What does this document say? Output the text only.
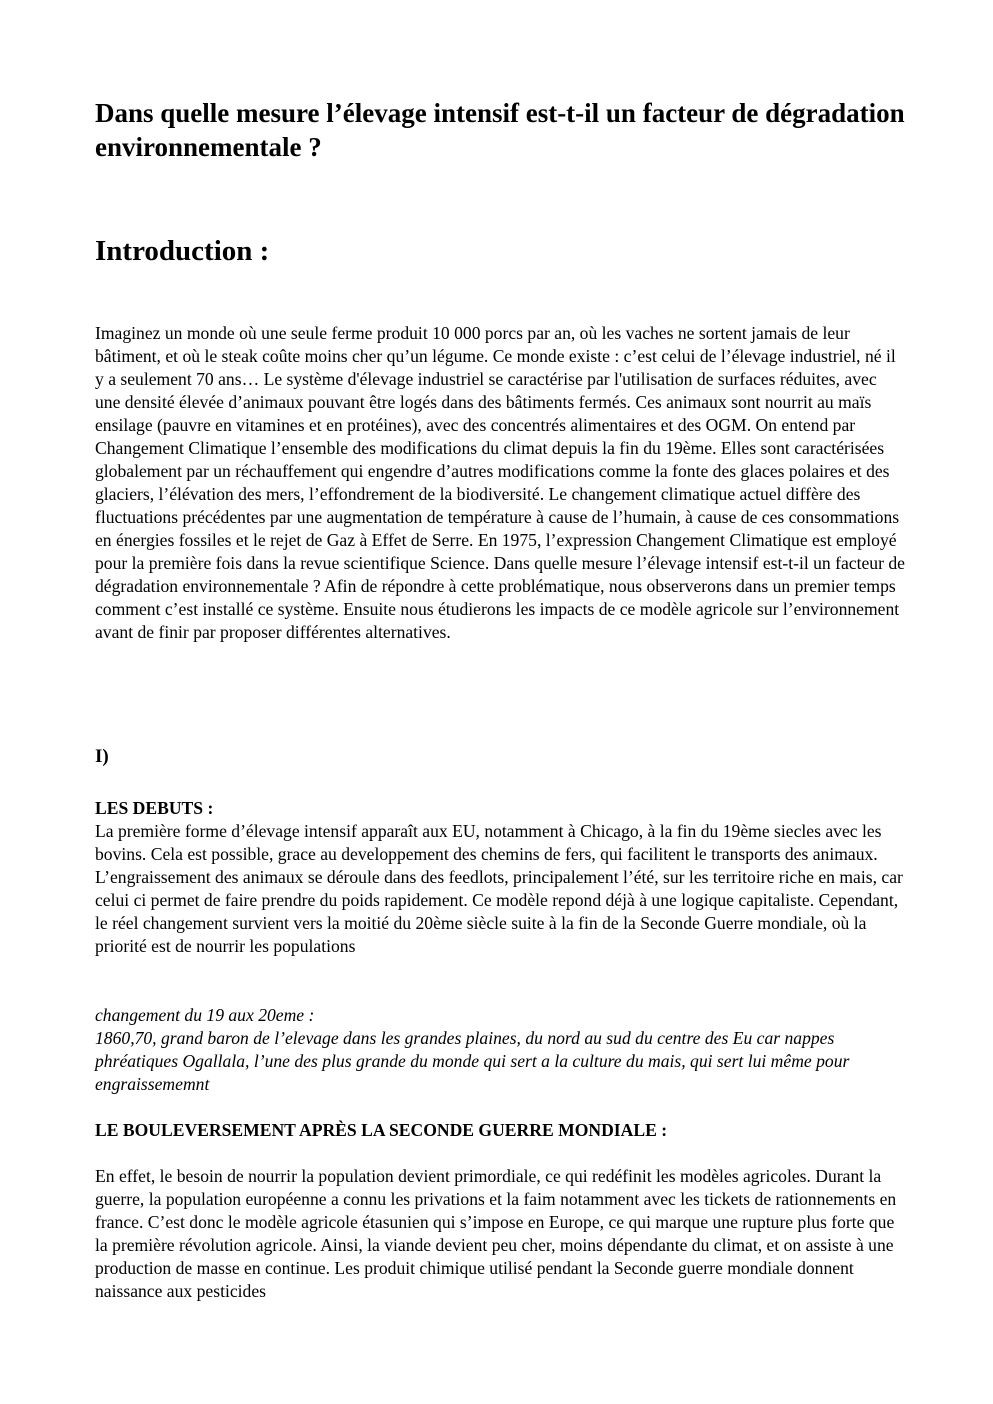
Dans quelle mesure l’élevage intensif est-t-il un facteur de dégradation environnementale ?
Introduction :

Imaginez un monde où une seule ferme produit 10 000 porcs par an, où les vaches ne sortent jamais de leur bâtiment, et où le steak coûte moins cher qu’un légume. Ce monde existe : c’est celui de l’élevage industriel, né il y a seulement 70 ans… Le système d'élevage industriel se caractérise par l'utilisation de surfaces réduites, avec une densité élevée d’animaux pouvant être logés dans des bâtiments fermés. Ces animaux sont nourrit au maïs ensilage (pauvre en vitamines et en protéines), avec des concentrés alimentaires et des OGM. On entend par Changement Climatique l’ensemble des modifications du climat depuis la fin du 19ème. Elles sont caractérisées globalement par un réchauffement qui engendre d’autres modifications comme la fonte des glaces polaires et des glaciers, l’élévation des mers, l’effondrement de la biodiversité. Le changement climatique actuel diffère des fluctuations précédentes par une augmentation de température à cause de l’humain, à cause de ces consommations en énergies fossiles et le rejet de Gaz à Effet de Serre. En 1975, l’expression Changement Climatique est employé pour la première fois dans la revue scientifique Science. Dans quelle mesure l’élevage intensif est-t-il un facteur de dégradation environnementale ? Afin de répondre à cette problématique, nous observerons dans un premier temps comment c’est installé ce système. Ensuite nous étudierons les impacts de ce modèle agricole sur l’environnement avant de finir par proposer différentes alternatives.

I)
LES DEBUTS :
La première forme d’élevage intensif apparaît aux EU, notamment à Chicago, à la fin du 19ème siecles avec les bovins. Cela est possible, grace au developpement des chemins de fers, qui facilitent le transports des animaux. L’engraissement des animaux se déroule dans des feedlots, principalement l’été, sur les territoire riche en mais, car celui ci permet de faire prendre du poids rapidement. Ce modèle repond déjà à une logique capitaliste. Cependant, le réel changement survient vers la moitié du 20ème siècle suite à la fin de la Seconde Guerre mondiale, où la priorité est de nourrir les populations
changement du 19 aux 20eme :
1860,70, grand baron de l’elevage dans les grandes plaines, du nord au sud du centre des Eu car nappes phréatiques Ogallala, l’une des plus grande du monde qui sert a la culture du mais, qui sert lui même pour engraissememnt
LE BOULEVERSEMENT APRÈS LA SECONDE GUERRE MONDIALE :

En effet, le besoin de nourrir la population devient primordiale, ce qui redéfinit les modèles agricoles. Durant la guerre, la population européenne a connu les privations et la faim notamment avec les tickets de rationnements en france. C’est donc le modèle agricole étasunien qui s’impose en Europe, ce qui marque une rupture plus forte que la première révolution agricole. Ainsi, la viande devient peu cher, moins dépendante du climat, et on assiste à une production de masse en continue. Les produit chimique utilisé pendant la Seconde guerre mondiale donnent naissance aux pesticides
